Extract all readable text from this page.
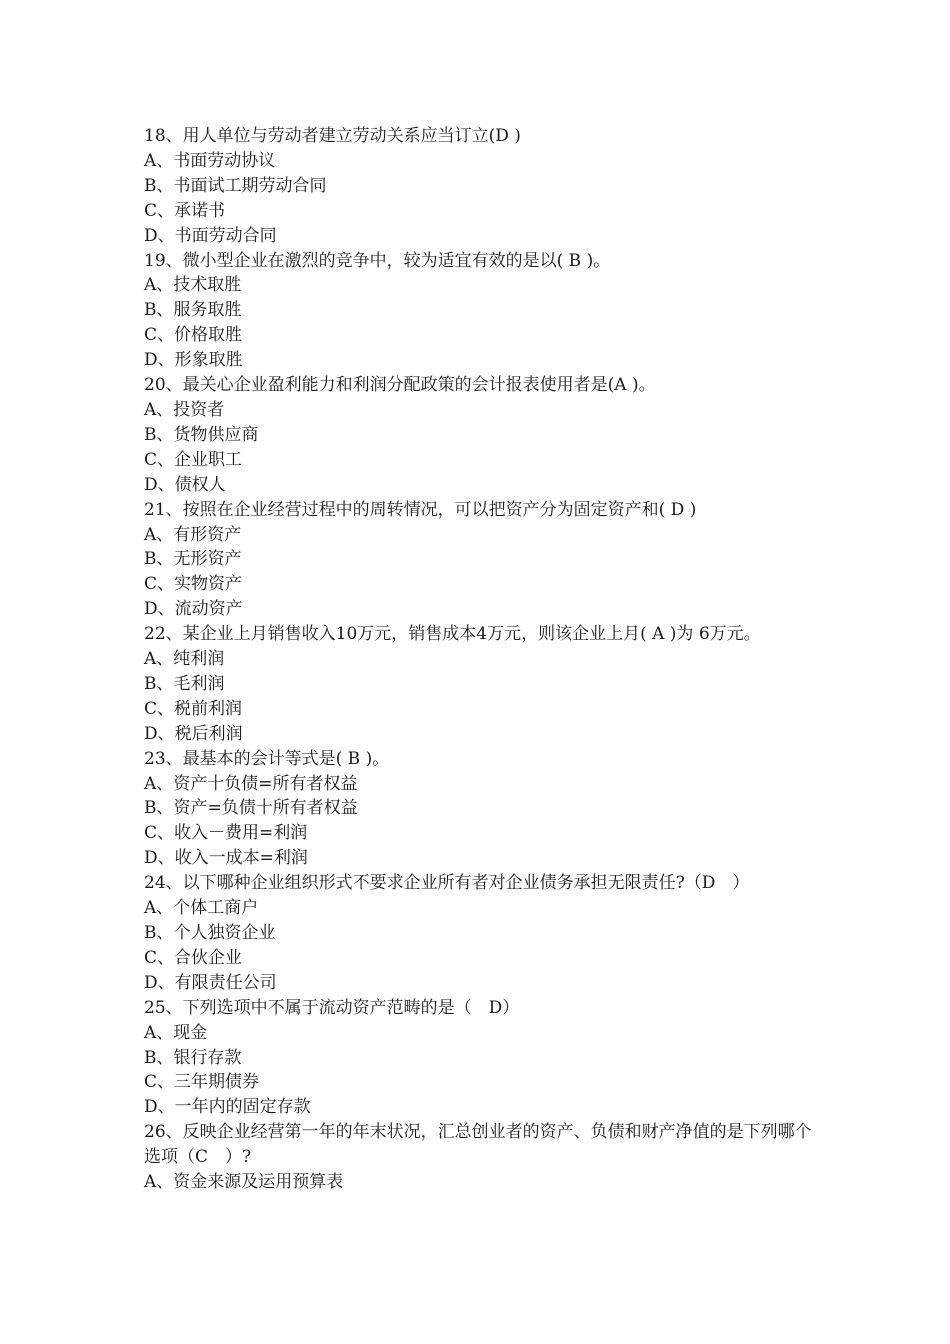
18、用人单位与劳动者建立劳动关系应当订立(D )
A、书面劳动协议
B、书面试工期劳动合同
C、承诺书
D、书面劳动合同
19、微小型企业在激烈的竞争中，较为适宜有效的是以( B )。
A、技术取胜
B、服务取胜
C、价格取胜
D、形象取胜
20、最关心企业盈利能力和利润分配政策的会计报表使用者是(A )。
A、投资者
B、货物供应商
C、企业职工
D、债权人
21、按照在企业经营过程中的周转情况，可以把资产分为固定资产和( D )
A、有形资产
B、无形资产
C、实物资产
D、流动资产
22、某企业上月销售收入10万元，销售成本4万元，则该企业上月( A )为 6万元。
A、纯利润
B、毛利润
C、税前利润
D、税后利润
23、最基本的会计等式是( B )。
A、资产十负债=所有者权益
B、资产=负债十所有者权益
C、收入－费用=利润
D、收入一成本=利润
24、以下哪种企业组织形式不要求企业所有者对企业债务承担无限责任?（D　）
A、个体工商户
B、个人独资企业
C、合伙企业
D、有限责任公司
25、下列选项中不属于流动资产范畴的是（　D）
A、现金
B、银行存款
C、三年期债券
D、一年内的固定存款
26、反映企业经营第一年的年末状况，汇总创业者的资产、负债和财产净值的是下列哪个选项（C　）?
A、资金来源及运用预算表
